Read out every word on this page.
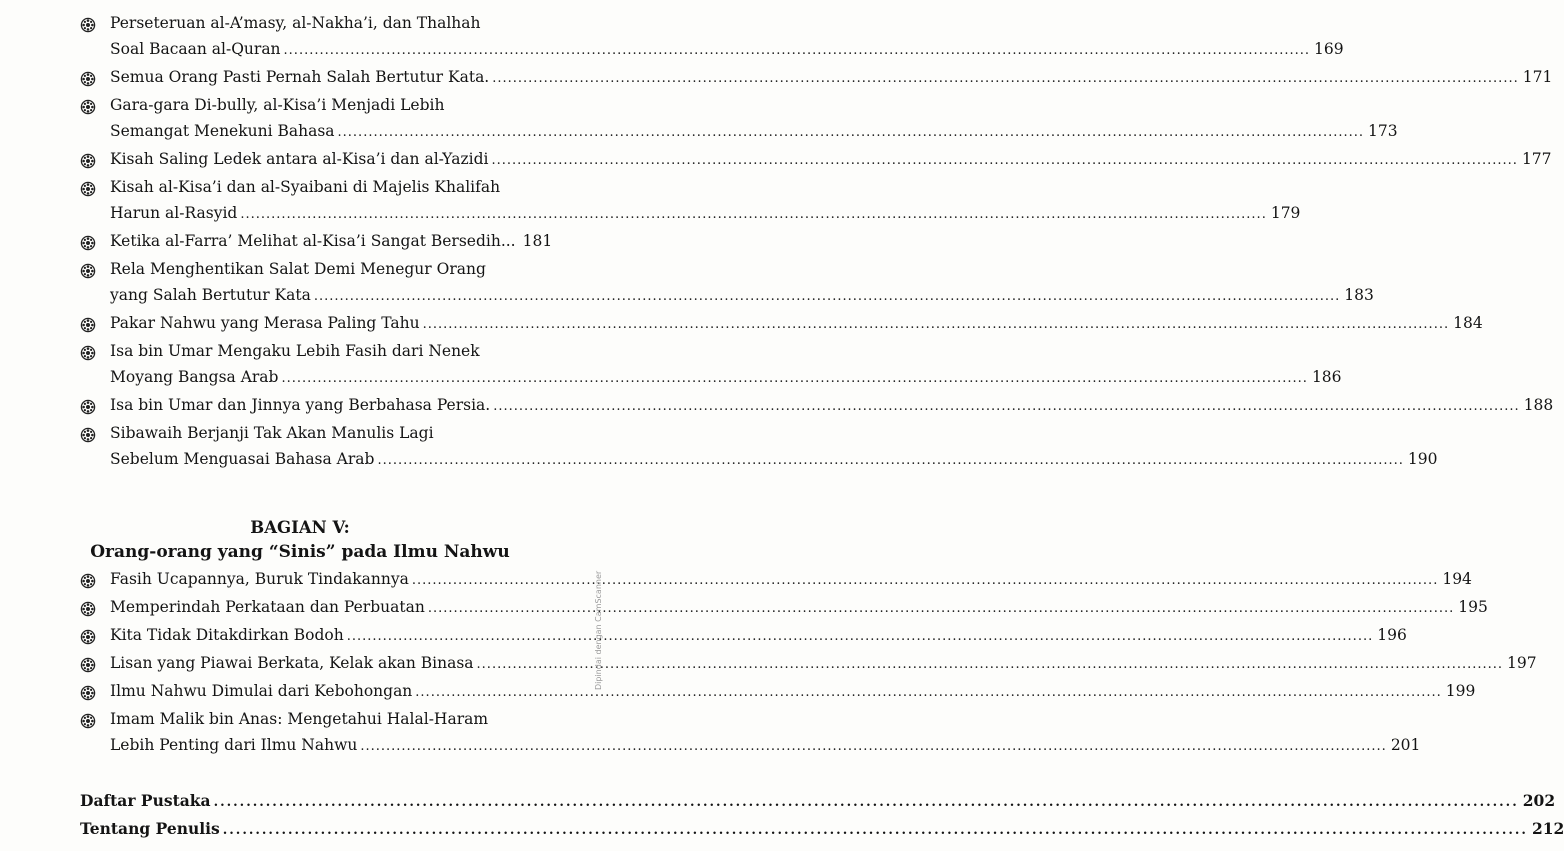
Perseteruan al-A’masy, al-Nakha’i, dan Thalhah
Soal Bacaan al-Quran ........................................................................................................................................................................................................ 169
Semua Orang Pasti Pernah Salah Bertutur Kata. ........................................................................................................................................................................................................ 171
Gara-gara Di-bully, al-Kisa’i Menjadi Lebih
Semangat Menekuni Bahasa ........................................................................................................................................................................................................ 173
Kisah Saling Ledek antara al-Kisa’i dan al-Yazidi ........................................................................................................................................................................................................ 177
Kisah al-Kisa’i dan al-Syaibani di Majelis Khalifah
Harun al-Rasyid ........................................................................................................................................................................................................ 179
Ketika al-Farra’ Melihat al-Kisa’i Sangat Bersedih... 181
Rela Menghentikan Salat Demi Menegur Orang
yang Salah Bertutur Kata ........................................................................................................................................................................................................ 183
Pakar Nahwu yang Merasa Paling Tahu ........................................................................................................................................................................................................ 184
Isa bin Umar Mengaku Lebih Fasih dari Nenek
Moyang Bangsa Arab ........................................................................................................................................................................................................ 186
Isa bin Umar dan Jinnya yang Berbahasa Persia. ........................................................................................................................................................................................................ 188
Sibawaih Berjanji Tak Akan Manulis Lagi
Sebelum Menguasai Bahasa Arab ........................................................................................................................................................................................................ 190
BAGIAN V:
Orang-orang yang “Sinis” pada Ilmu Nahwu
Fasih Ucapannya, Buruk Tindakannya ........................................................................................................................................................................................................ 194
Memperindah Perkataan dan Perbuatan ........................................................................................................................................................................................................ 195
Kita Tidak Ditakdirkan Bodoh ........................................................................................................................................................................................................ 196
Lisan yang Piawai Berkata, Kelak akan Binasa ........................................................................................................................................................................................................ 197
Ilmu Nahwu Dimulai dari Kebohongan ........................................................................................................................................................................................................ 199
Imam Malik bin Anas: Mengetahui Halal-Haram
Lebih Penting dari Ilmu Nahwu ........................................................................................................................................................................................................ 201
Daftar Pustaka ........................................................................................................................................................................................................ 202
Tentang Penulis ........................................................................................................................................................................................................ 212
Dipindai dengan CamScanner
